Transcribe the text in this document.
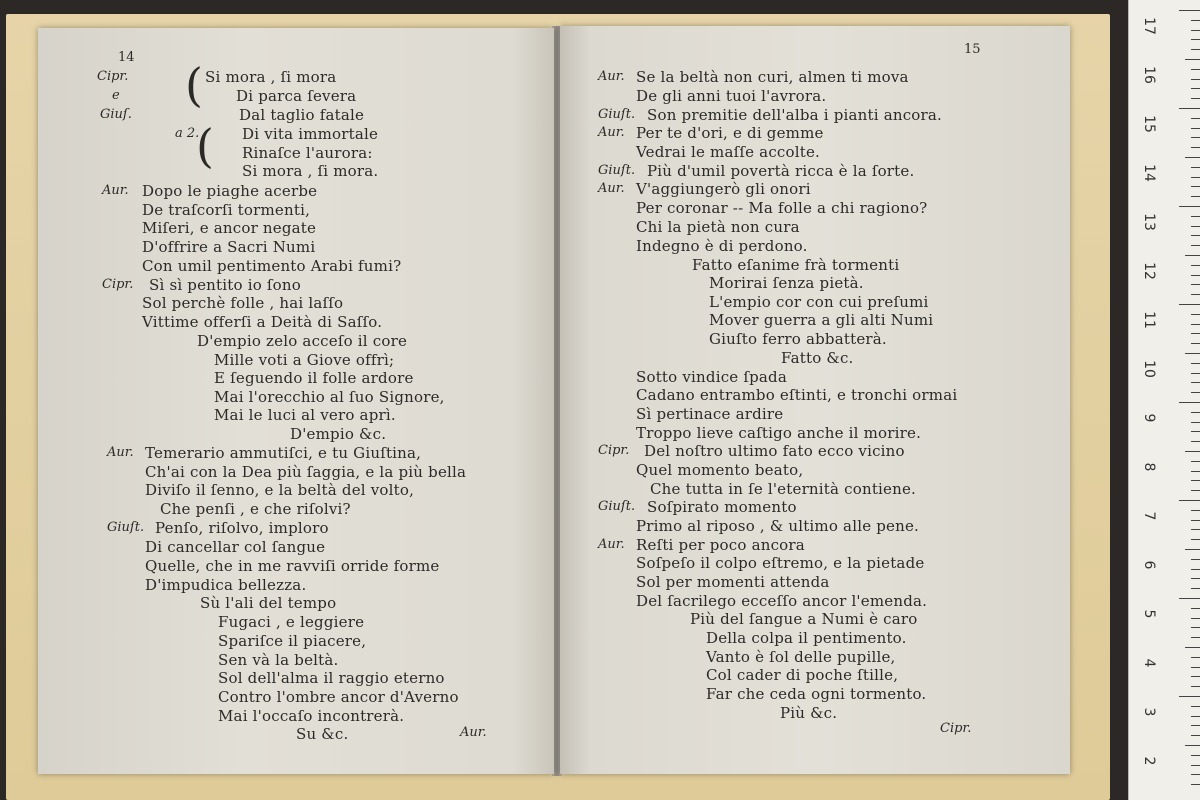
14
15
(
(
Cipr.	Si mora , ſi mora
e	Di parca ſevera
Giuſ.	Dal taglio fatale
a 2.	Di vita immortale
Rinaſce l'aurora:
Si mora , ſi mora.
Aur. Dopo le piaghe acerbe
De traſcorſi tormenti,
Miſeri, e ancor negate
D'offrire a Sacri Numi
Con umil pentimento Arabi fumi?
Cipr. Sì sì pentito io ſono
Sol perchè folle , hai laſſo
Vittime offerſi a Deità di Saſſo.
D'empio zelo acceſo il core
Mille voti a Giove offrì;
E ſeguendo il folle ardore
Mai l'orecchio al ſuo Signore,
Mai le luci al vero aprì.
D'empio &c.
Aur. Temerario ammutiſci, e tu Giuſtina,
Ch'ai con la Dea più ſaggia, e la più bella
Diviſo il ſenno, e la beltà del volto,
Che penſi , e che riſolvi?
Giuſt. Penſo, riſolvo, imploro
Di cancellar col ſangue
Quelle, che in me ravviſi orride forme
D'impudica bellezza.
Sù l'ali del tempo
Fugaci , e leggiere
Spariſce il piacere,
Sen và la beltà.
Sol dell'alma il raggio eterno
Contro l'ombre ancor d'Averno
Mai l'occaſo incontrerà.
Su &c.
Aur. Se la beltà non curi, almen ti mova
De gli anni tuoi l'avrora.
Giuſt. Son premitie dell'alba i pianti ancora.
Aur. Per te d'ori, e di gemme
Vedrai le maſſe accolte.
Giuſt. Più d'umil povertà ricca è la ſorte.
Aur. V'aggiungerò gli onori
Per coronar -- Ma folle a chi ragiono?
Chi la pietà non cura
Indegno è di perdono.
Fatto eſanime frà tormenti
Morirai ſenza pietà.
L'empio cor con cui preſumi
Mover guerra a gli alti Numi
Giuſto ferro abbatterà.
Fatto &c.
Sotto vindice ſpada
Cadano entrambo eſtinti, e tronchi ormai
Sì pertinace ardire
Troppo lieve caſtigo anche il morire.
Cipr. Del noſtro ultimo fato ecco vicino
Quel momento beato,
Che tutta in ſe l'eternità contiene.
Giuſt. Soſpirato momento
Primo al riposo , & ultimo alle pene.
Aur. Reſti per poco ancora
Soſpeſo il colpo eſtremo, e la pietade
Sol per momenti attenda
Del ſacrilego ecceſſo ancor l'emenda.
Più del ſangue a Numi è caro
Della colpa il pentimento.
Vanto è ſol delle pupille,
Col cader di poche ſtille,
Far che ceda ogni tormento.
Più &c.
Aur.	Cipr.
17
16
15
14
13
12
11
10
9
8
7
6
5
4
3
2
